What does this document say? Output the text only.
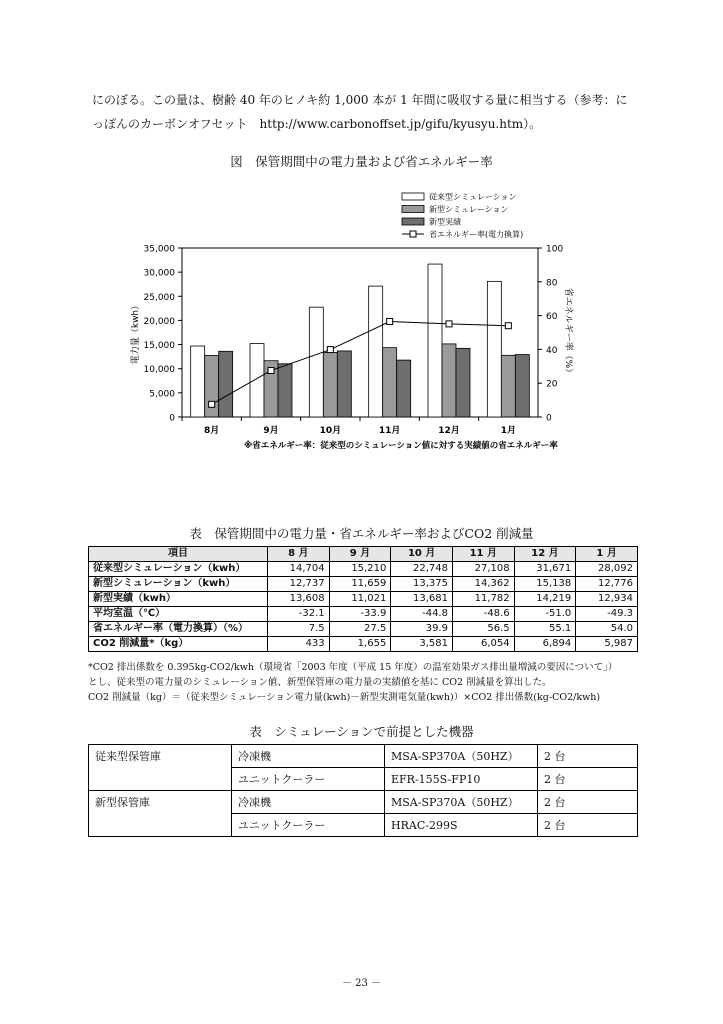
にのぼる。この量は、樹齢 40 年のヒノキ約 1,000 本が 1 年間に吸収する量に相当する（参考：に
っぽんのカーボンオフセット　http://www.carbonoffset.jp/gifu/kyusyu.htm）。
図　保管期間中の電力量および省エネルギー率
0
5,000
10,000
15,000
20,000
25,000
30,000
35,000
0
20
40
60
80
100
電力量（kwh）	省エネルギー率（%）
8月	9月	10月	11月	12月	1月
従来型シミュレーション
新型シミュレーション
新型実績
省エネルギー率(電力換算)
※省エネルギー率：従来型のシミュレーション値に対する実績値の省エネルギー率
表　保管期間中の電力量・省エネルギー率およびCO2 削減量
項目	8 月	9 月	10 月	11 月	12 月	1 月
従来型シミュレーション（kwh）	14,704	15,210	22,748	27,108	31,671	28,092
新型シミュレーション（kwh）	12,737	11,659	13,375	14,362	15,138	12,776
新型実績（kwh）	13,608	11,021	13,681	11,782	14,219	12,934
平均室温（℃）	-32.1	-33.9	-44.8	-48.6	-51.0	-49.3
省エネルギー率（電力換算）（%）	7.5	27.5	39.9	56.5	55.1	54.0
CO2 削減量*（kg）	433	1,655	3,581	6,054	6,894	5,987
*CO2 排出係数を 0.395kg-CO2/kwh（環境省「2003 年度（平成 15 年度）の温室効果ガス排出量増減の要因について」）
とし、従来型の電力量のシミュレーション値、新型保管庫の電力量の実績値を基に CO2 削減量を算出した。
CO2 削減量（kg）＝（従来型シミュレーション電力量(kwh)－新型実測電気量(kwh)）×CO2 排出係数(kg-CO2/kwh)
表　シミュレーションで前提とした機器
従来型保管庫	冷凍機	MSA-SP370A（50HZ）	2 台
	ユニットクーラー	EFR-155S-FP10	2 台
新型保管庫	冷凍機	MSA-SP370A（50HZ）	2 台
	ユニットクーラー	HRAC-299S	2 台
－ 23 －
